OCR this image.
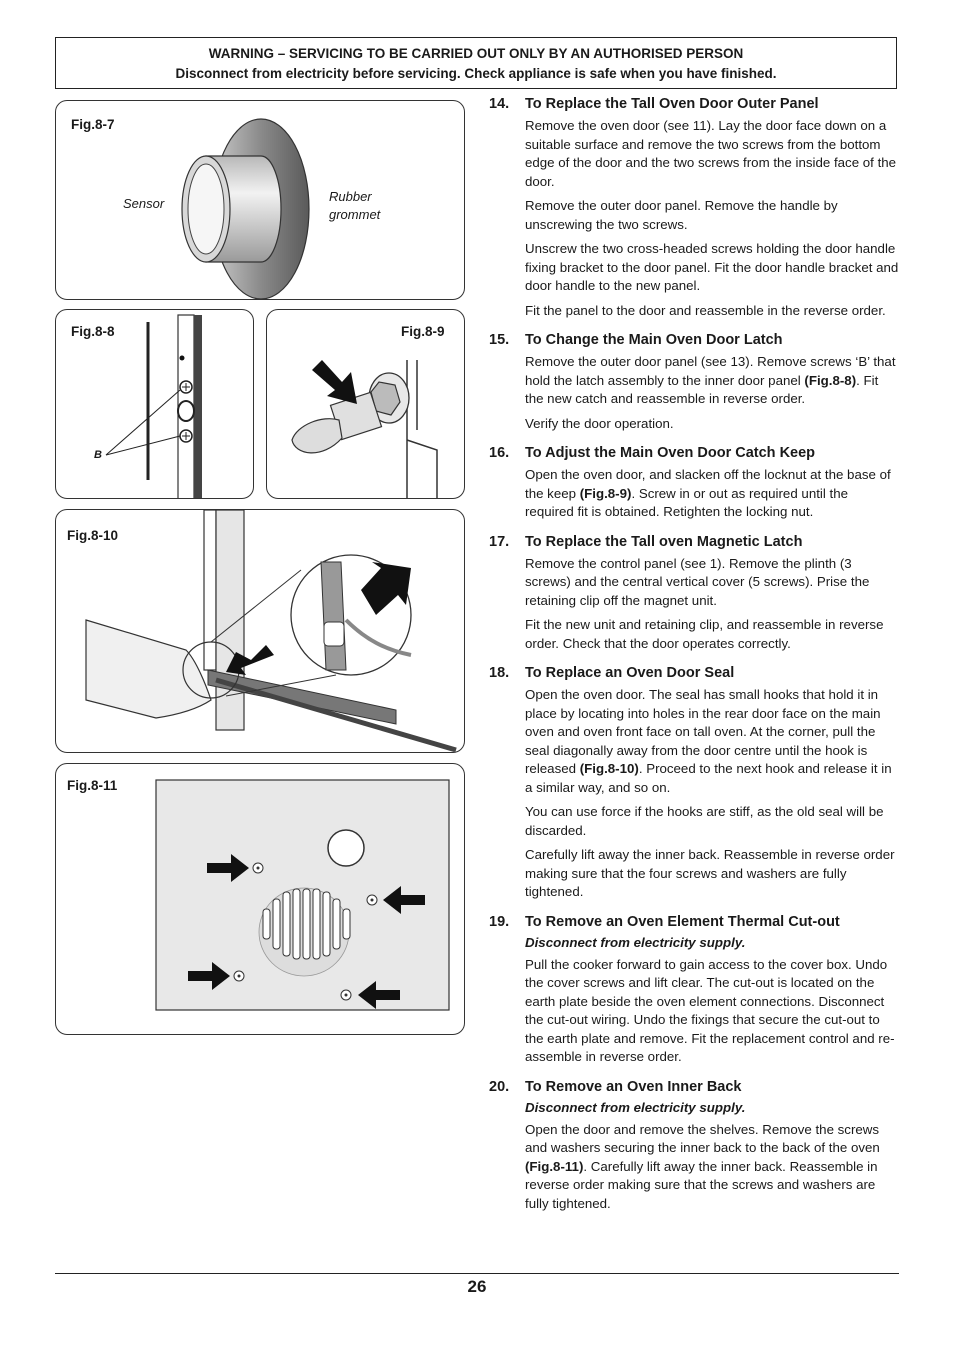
WARNING – SERVICING TO BE CARRIED OUT ONLY BY AN AUTHORISED PERSON
Disconnect from electricity before servicing. Check appliance is safe when you have finished.
Fig.8-7
Sensor	Rubber
grommet
Fig.8-8
B
Fig.8-9
Fig.8-10
Fig.8-11
14.	To Replace the Tall Oven Door Outer Panel

Remove the oven door (see 11). Lay the door face down on a suitable surface and remove the two screws from the bottom edge of the door and the two screws from the inside face of the door.

Remove the outer door panel. Remove the handle by unscrewing the two screws.

Unscrew the two cross-headed screws holding the door handle fixing bracket to the door panel. Fit the door handle bracket and door handle to the new panel.

Fit the panel to the door and reassemble in the reverse order.

15.	To Change the Main Oven Door Latch

Remove the outer door panel (see 13). Remove screws ‘B’ that hold the latch assembly to the inner door panel (Fig.8-8). Fit the new catch and reassemble in reverse order.

Verify the door operation.

16.	To Adjust the Main Oven Door Catch Keep

Open the oven door, and slacken off the locknut at the base of the keep (Fig.8-9). Screw in or out as required until the required fit is obtained. Retighten the locking nut.

17.	To Replace the Tall oven Magnetic Latch

Remove the control panel (see 1). Remove the plinth (3 screws) and the central vertical cover (5 screws). Prise the retaining clip off the magnet unit.

Fit the new unit and retaining clip, and reassemble in reverse order. Check that the door operates correctly.

18.	To Replace an Oven Door Seal

Open the oven door. The seal has small hooks that hold it in place by locating into holes in the rear door face on the main oven and oven front face on tall oven. At the corner, pull the seal diagonally away from the door centre until the hook is released (Fig.8-10). Proceed to the next hook and release it in a similar way, and so on.

You can use force if the hooks are stiff, as the old seal will be discarded.

Carefully lift away the inner back. Reassemble in reverse order making sure that the four screws and washers are fully tightened.

19.	To Remove an Oven Element Thermal Cut-out

Disconnect from electricity supply.

Pull the cooker forward to gain access to the cover box. Undo the cover screws and lift clear. The cut-out is located on the earth plate beside the oven element connections. Disconnect the cut-out wiring. Undo the fixings that secure the cut-out to the earth plate and remove. Fit the replacement control and re-assemble in reverse order.

20.	To Remove an Oven Inner Back

Disconnect from electricity supply.

Open the door and remove the shelves. Remove the screws and washers securing the inner back to the back of the oven (Fig.8-11). Carefully lift away the inner back. Reassemble in reverse order making sure that the screws and washers are fully tightened.

26
